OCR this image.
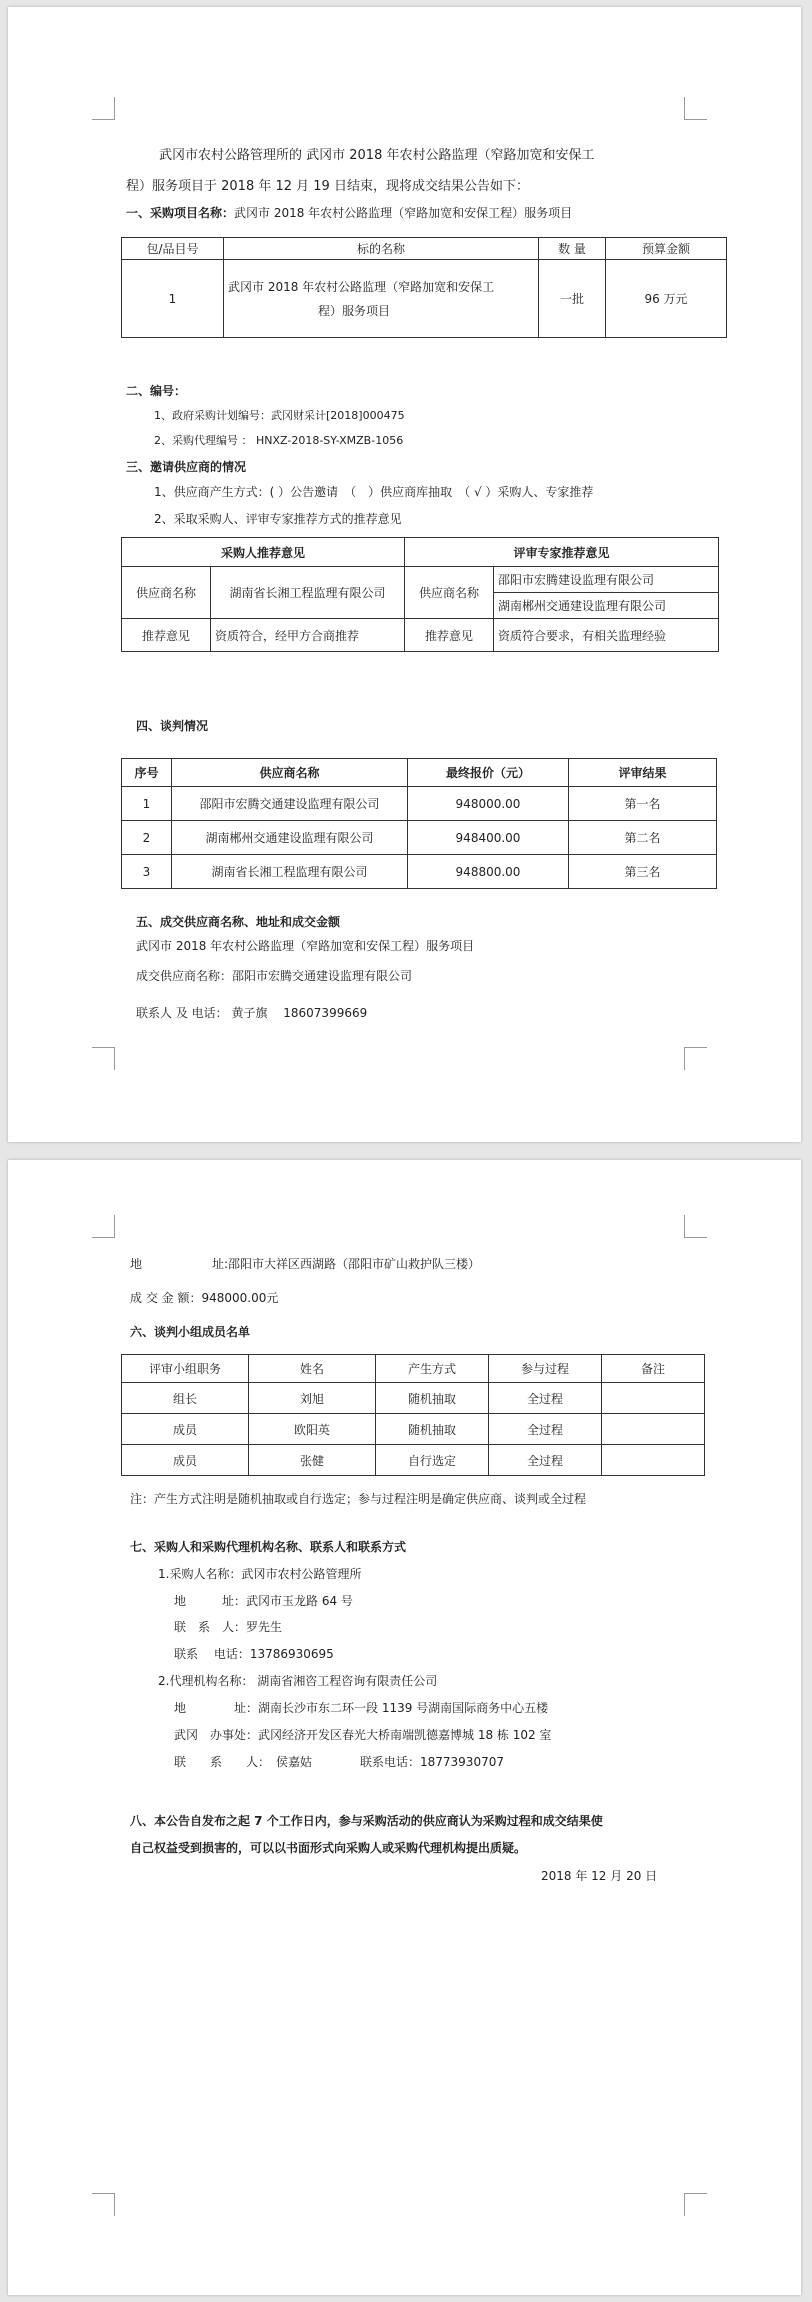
武冈市农村公路管理所的 武冈市 2018 年农村公路监理（窄路加宽和安保工
程）服务项目于 2018 年 12 月 19 日结束，现将成交结果公告如下：
一、采购项目名称：武冈市 2018 年农村公路监理（窄路加宽和安保工程）服务项目
包/品目号	标的名称	数 量	预算金额
1	武冈市 2018 年农村公路监理（窄路加宽和安保工
程）服务项目	一批	96 万元
二、编号：
1、政府采购计划编号：武冈财采计[2018]000475
2、采购代理编号 ： HNXZ-2018-SY-XMZB-1056
三、邀请供应商的情况
1、供应商产生方式：( ）公告邀请　（　）供应商库抽取　（ √ ）采购人、专家推荐
2、采取采购人、评审专家推荐方式的推荐意见
采购人推荐意见		评审专家推荐意见	
供应商名称	湖南省长湘工程监理有限公司	供应商名称	邵阳市宏腾建设监理有限公司
			湖南郴州交通建设监理有限公司
推荐意见	资质符合，经甲方合商推荐	推荐意见	资质符合要求，有相关监理经验
四、谈判情况
序号	供应商名称	最终报价（元）	评审结果
1	邵阳市宏腾交通建设监理有限公司	948000.00	第一名
2	湖南郴州交通建设监理有限公司	948400.00	第二名
3	湖南省长湘工程监理有限公司	948800.00	第三名
五、成交供应商名称、地址和成交金额
武冈市 2018 年农村公路监理（窄路加宽和安保工程）服务项目
成交供应商名称：邵阳市宏腾交通建设监理有限公司
联系人 及 电话： 黄子旗　 18607399669
地	址:邵阳市大祥区西湖路（邵阳市矿山救护队三楼）
成 交 金 额：948000.00元
六、谈判小组成员名单
评审小组职务	姓名	产生方式	参与过程	备注
组长	刘旭	随机抽取	全过程	
成员	欧阳英	随机抽取	全过程	
成员	张健	自行选定	全过程	
注：产生方式注明是随机抽取或自行选定；参与过程注明是确定供应商、谈判或全过程
七、采购人和采购代理机构名称、联系人和联系方式
1.采购人名称：武冈市农村公路管理所
地　　　址：武冈市玉龙路 64 号
联　系　人：罗先生
联系　 电话：13786930695
2.代理机构名称： 湖南省湘咨工程咨询有限责任公司
地　　　　址：湖南长沙市东二环一段 1139 号湖南国际商务中心五楼
武冈　办事处：武冈经济开发区春光大桥南端凯德嘉博城 18 栋 102 室
联　　系　　人：　侯嘉姑　　　　联系电话：18773930707
八、本公告自发布之起 7 个工作日内，参与采购活动的供应商认为采购过程和成交结果使
自己权益受到损害的，可以以书面形式向采购人或采购代理机构提出质疑。
2018 年 12 月 20 日
